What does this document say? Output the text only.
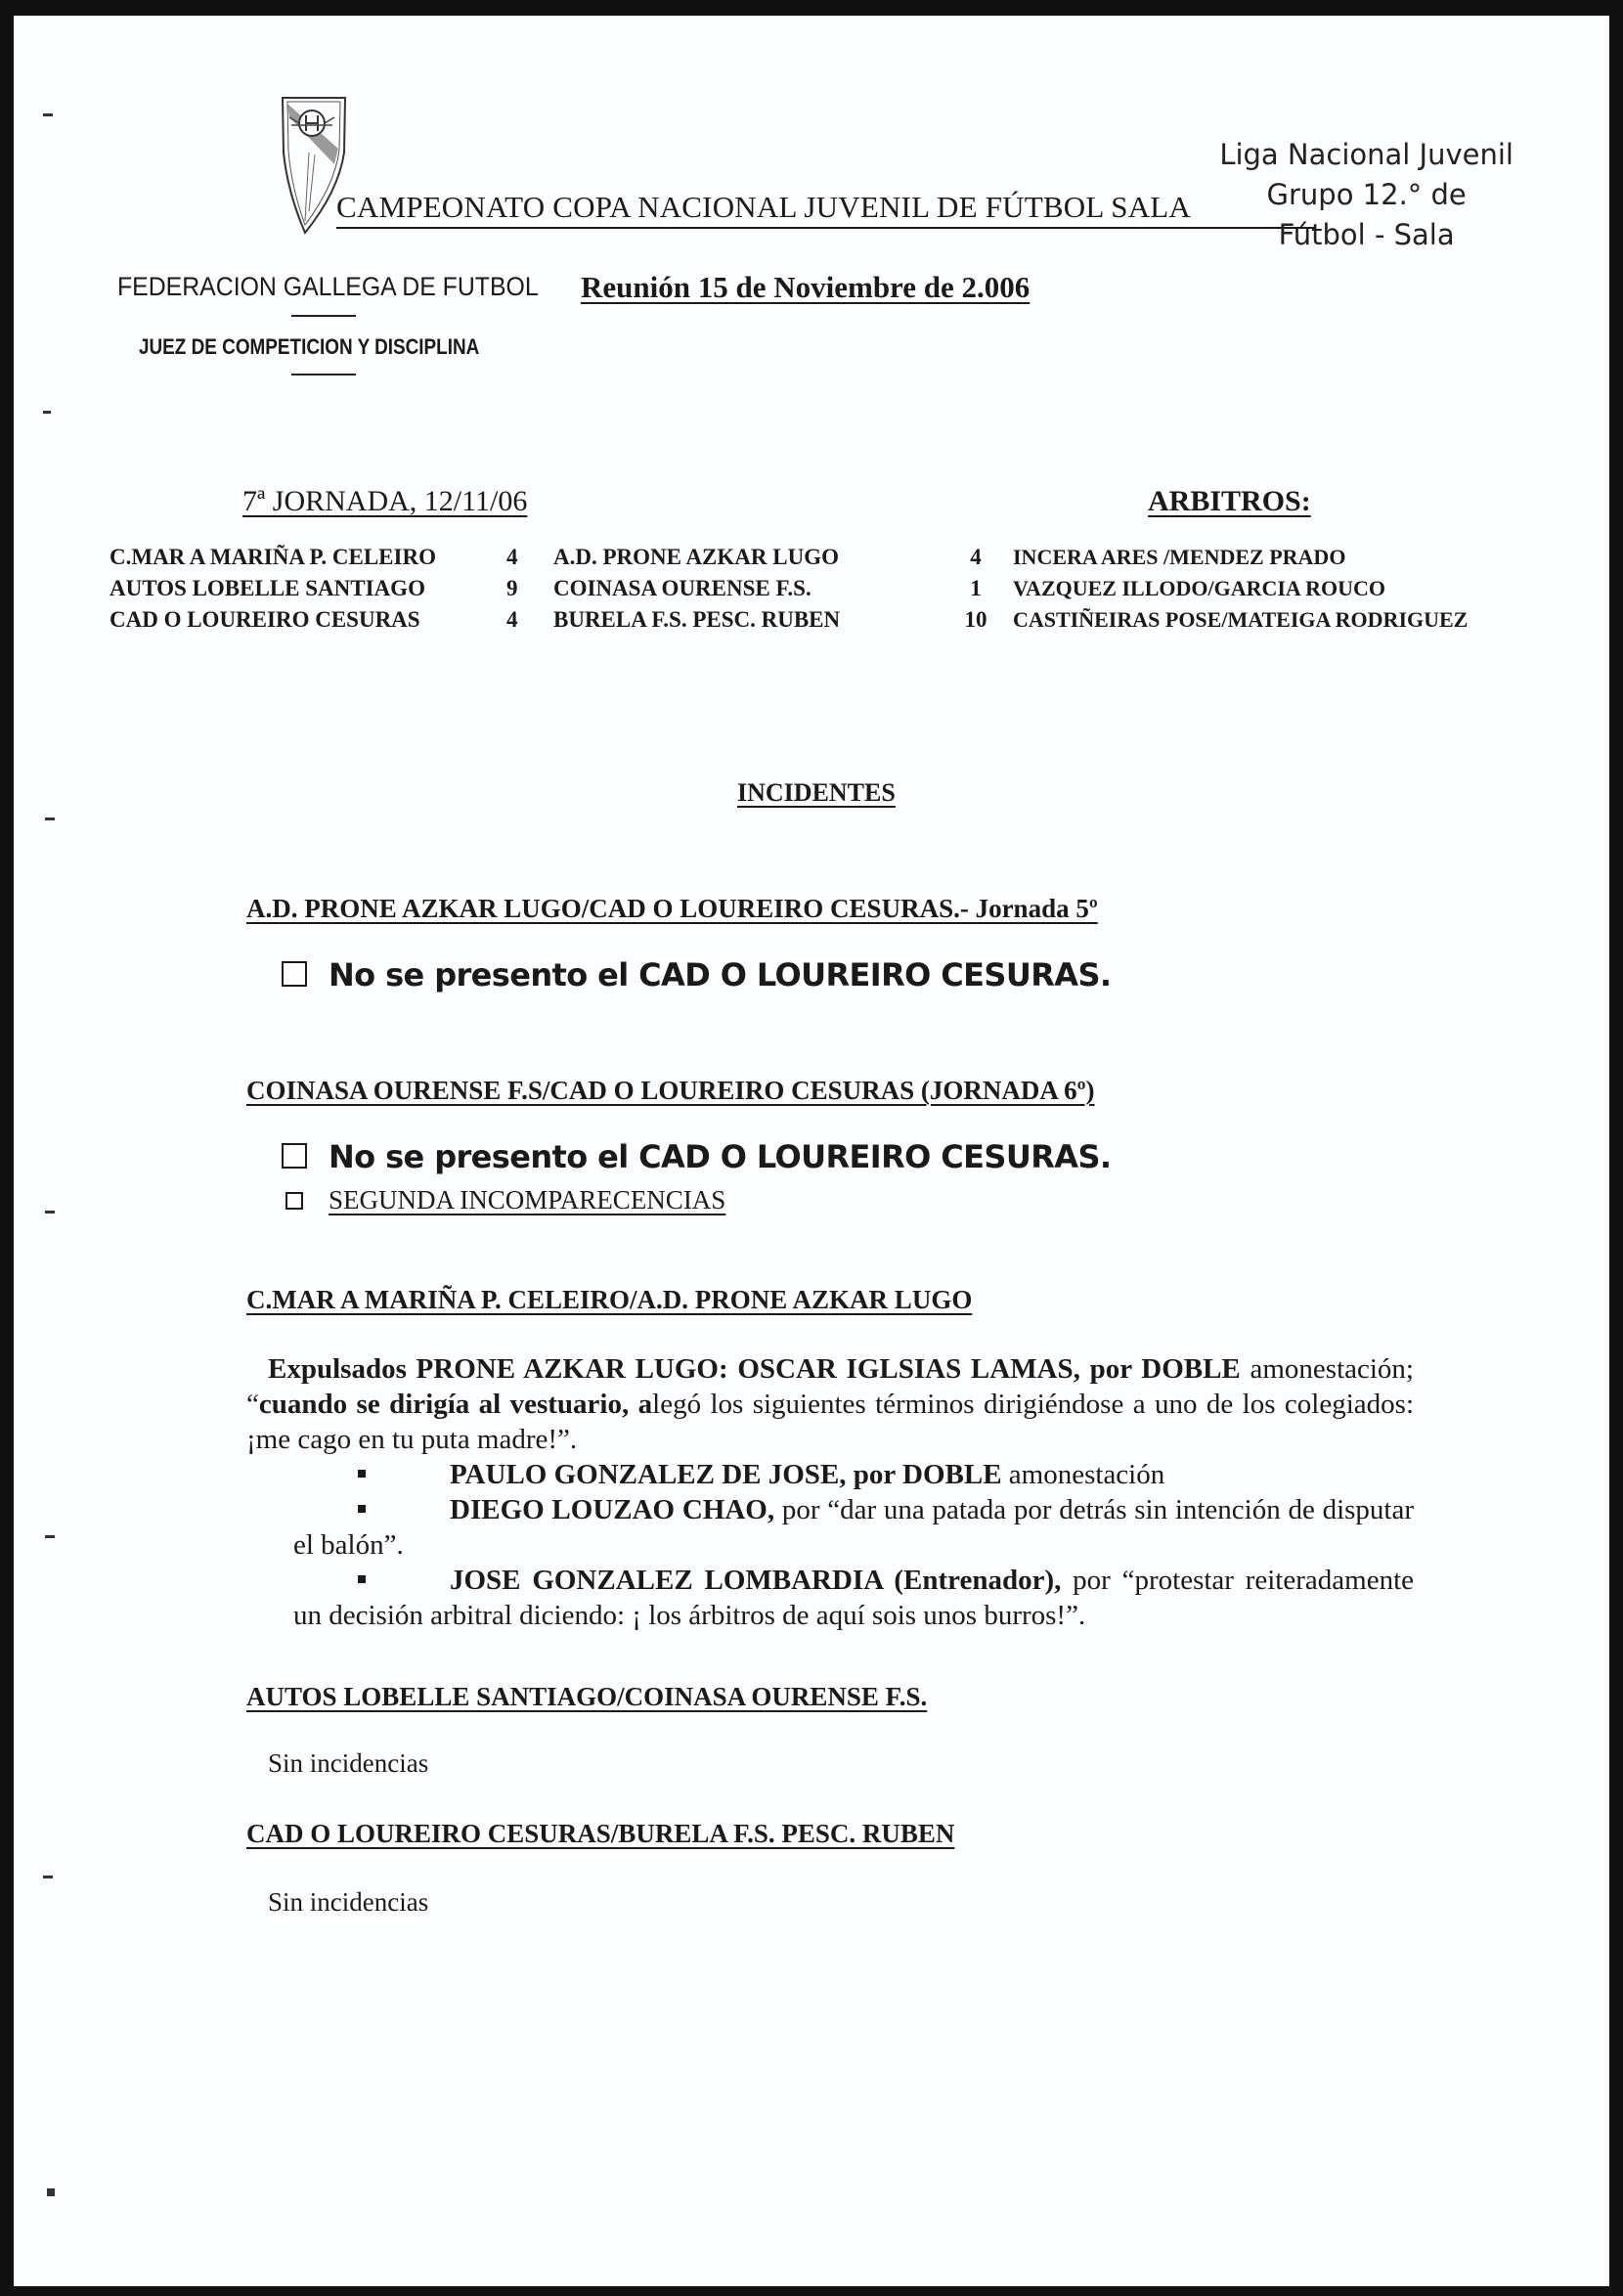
CAMPEONATO COPA NACIONAL JUVENIL DE FÚTBOL SALA
Liga Nacional Juvenil
Grupo 12.° de
Fútbol - Sala
FEDERACION GALLEGA DE FUTBOL
JUEZ DE COMPETICION Y DISCIPLINA
Reunión 15 de Noviembre de 2.006
7ª JORNADA, 12/11/06	ARBITROS:
C.MAR A MARIÑA P. CELEIRO
AUTOS LOBELLE SANTIAGO
CAD O LOUREIRO CESURAS
4
9
4
A.D. PRONE AZKAR LUGO
COINASA OURENSE F.S.
BURELA F.S. PESC. RUBEN
4
1
10
INCERA ARES /MENDEZ PRADO
VAZQUEZ ILLODO/GARCIA ROUCO
CASTIÑEIRAS POSE/MATEIGA RODRIGUEZ
INCIDENTES
A.D. PRONE AZKAR LUGO/CAD O LOUREIRO CESURAS.- Jornada 5º
No se presento el CAD O LOUREIRO CESURAS.
COINASA OURENSE F.S/CAD O LOUREIRO CESURAS (JORNADA 6º)
No se presento el CAD O LOUREIRO CESURAS.
SEGUNDA INCOMPARECENCIAS
C.MAR A MARIÑA P. CELEIRO/A.D. PRONE AZKAR LUGO
Expulsados PRONE AZKAR LUGO: OSCAR IGLSIAS LAMAS, por DOBLE amonestación; “cuando se dirigía al vestuario, alegó los siguientes términos dirigiéndose a uno de los colegiados:¡me cago en tu puta madre!”.
PAULO GONZALEZ DE JOSE, por DOBLE amonestación
DIEGO LOUZAO CHAO, por “dar una patada por detrás sin intención de disputar el balón”.
JOSE GONZALEZ LOMBARDIA (Entrenador), por “protestar reiteradamente un decisión arbitral diciendo: ¡ los árbitros de aquí sois unos burros!”.
AUTOS LOBELLE SANTIAGO/COINASA OURENSE F.S.
Sin incidencias
CAD O LOUREIRO CESURAS/BURELA F.S. PESC. RUBEN
Sin incidencias
